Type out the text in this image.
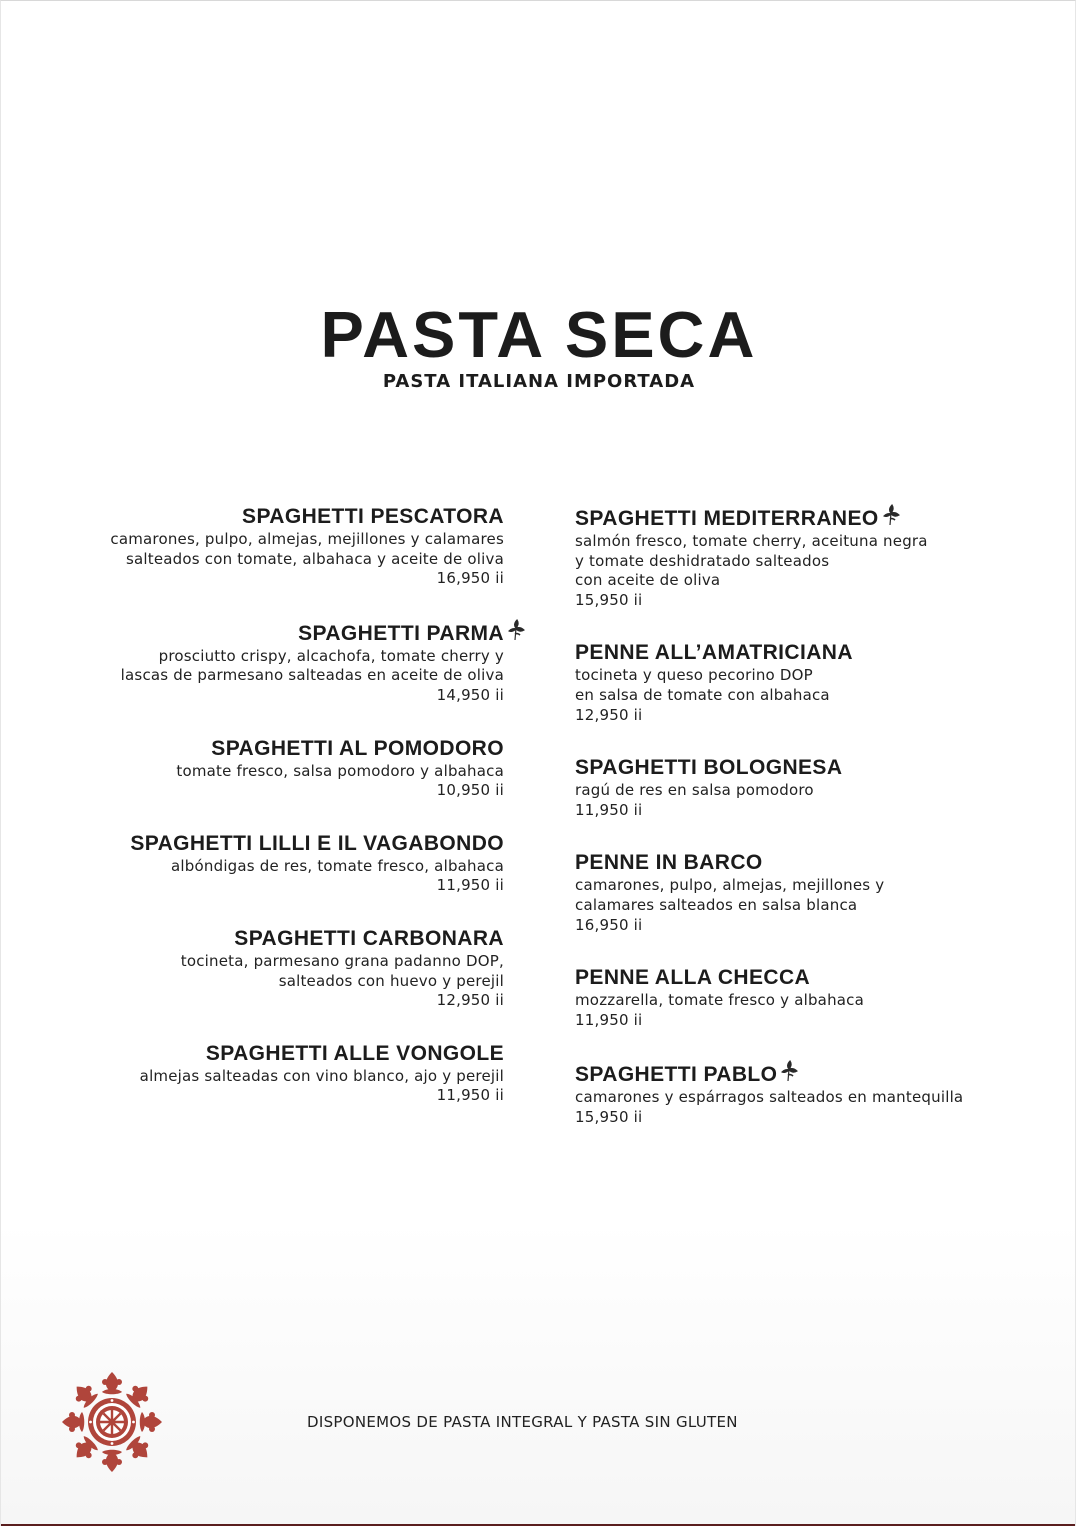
PASTA SECA
PASTA ITALIANA IMPORTADA
SPAGHETTI PESCATORA
camarones, pulpo, almejas, mejillones y calamares
salteados con tomate, albahaca y aceite de oliva
16,950 ii
SPAGHETTI PARMA
prosciutto crispy, alcachofa, tomate cherry y
lascas de parmesano salteadas en aceite de oliva
14,950 ii
SPAGHETTI AL POMODORO
tomate fresco, salsa pomodoro y albahaca
10,950 ii
SPAGHETTI LILLI E IL VAGABONDO
albóndigas de res, tomate fresco, albahaca
11,950 ii
SPAGHETTI CARBONARA
tocineta, parmesano grana padanno DOP,
salteados con huevo y perejil
12,950 ii
SPAGHETTI ALLE VONGOLE
almejas salteadas con vino blanco, ajo y perejil
11,950 ii
SPAGHETTI MEDITERRANEO
salmón fresco, tomate cherry, aceituna negra
y tomate deshidratado salteados
con aceite de oliva
15,950 ii
PENNE ALL’AMATRICIANA
tocineta y queso pecorino DOP
en salsa de tomate con albahaca
12,950 ii
SPAGHETTI BOLOGNESA
ragú de res en salsa pomodoro
11,950 ii
PENNE IN BARCO
camarones, pulpo, almejas, mejillones y
calamares salteados en salsa blanca
16,950 ii
PENNE ALLA CHECCA
mozzarella, tomate fresco y albahaca
11,950 ii
SPAGHETTI PABLO
camarones y espárragos salteados en mantequilla
15,950 ii
DISPONEMOS DE PASTA INTEGRAL Y PASTA SIN GLUTEN
